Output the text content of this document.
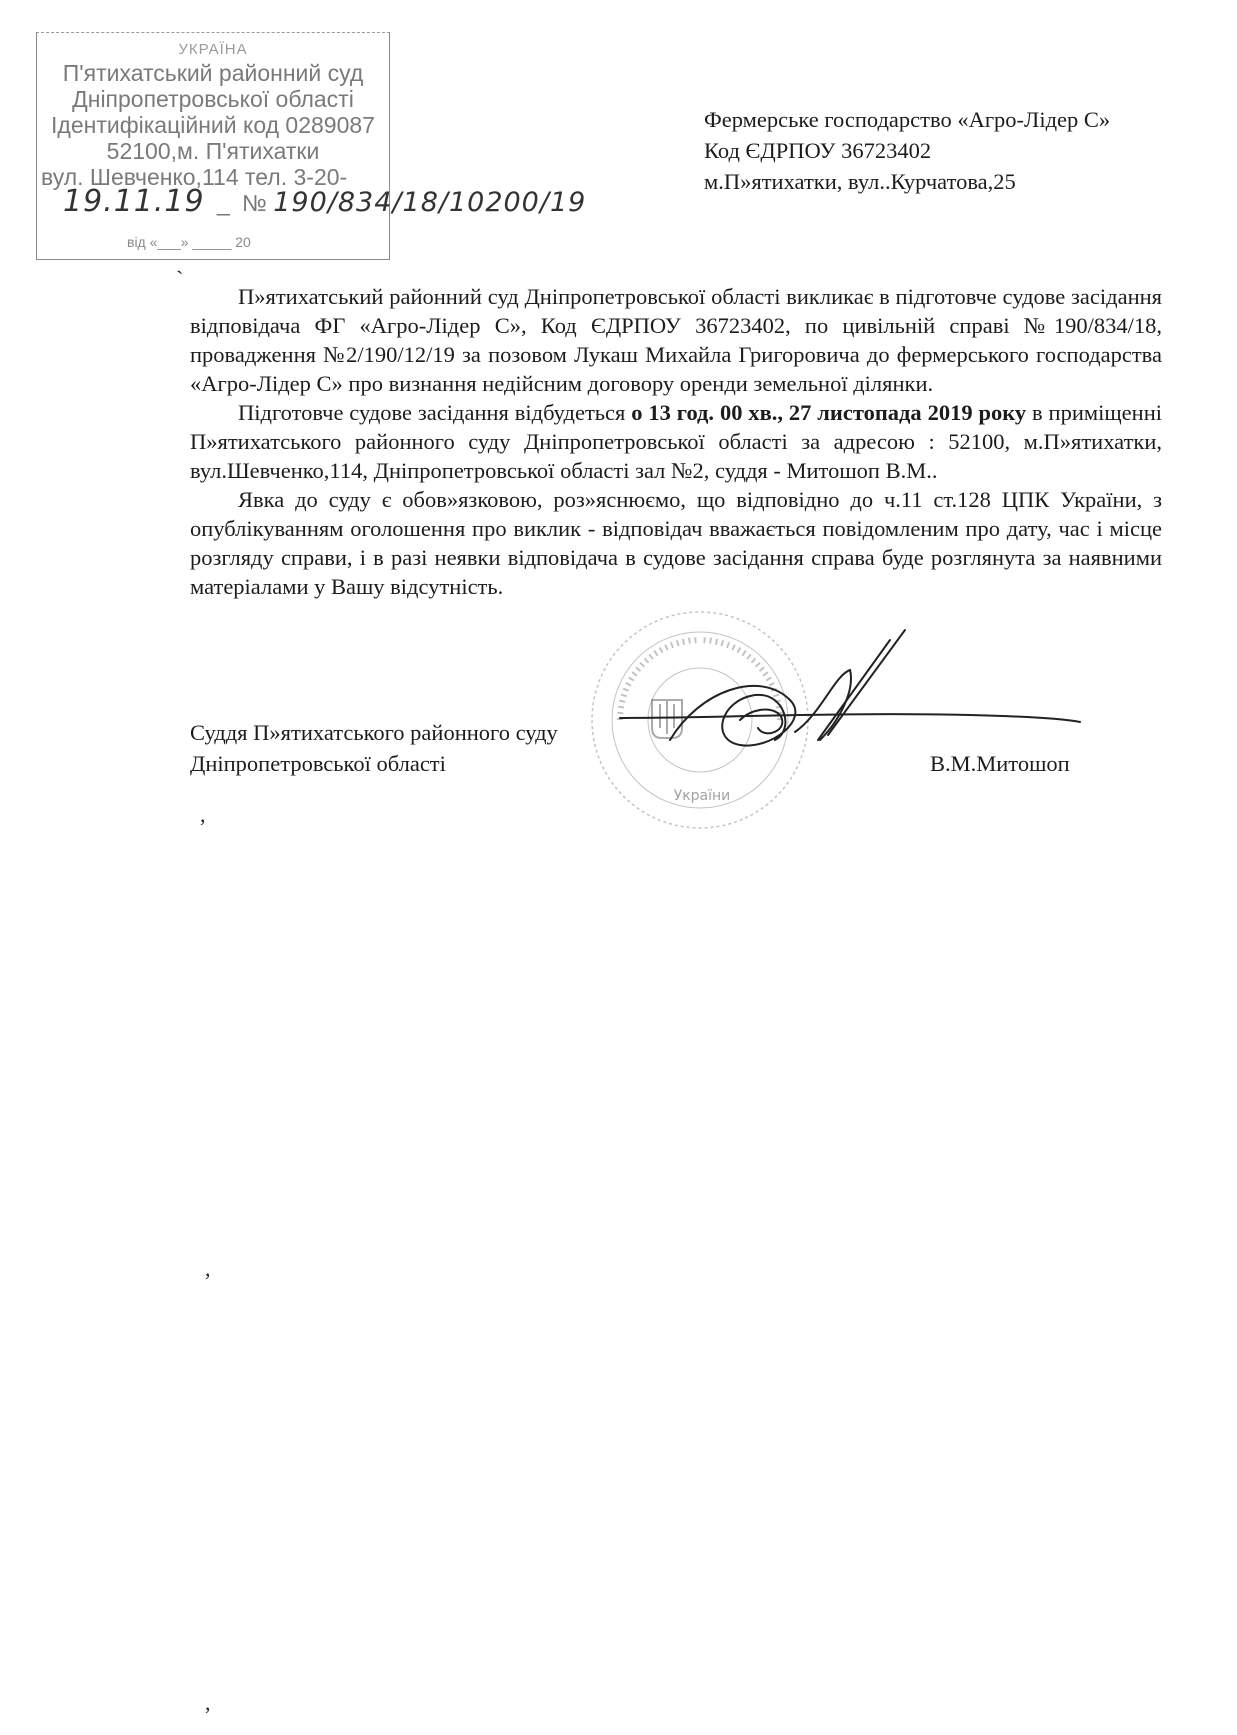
УКРАЇНА
П'ятихатський районний суд
Дніпропетровської області
Ідентифікаційний код 0289087
52100,м. П'ятихатки
вул. Шевченко,114 тел. 3-20-
19.11.19 _ № 190/834/18/10200/19
від «___» _____ 20
Фермерське господарство «Агро-Лідер С»
Код ЄДРПОУ 36723402
м.П»ятихатки, вул..Курчатова,25
`

П»ятихатський районний суд Дніпропетровської області викликає в підготовче судове засідання відповідача ФГ «Агро-Лідер С», Код ЄДРПОУ 36723402, по цивільній справі №190/834/18, провадження №2/190/12/19 за позовом Лукаш Михайла Григоровича до фермерського господарства «Агро-Лідер С» про визнання недійсним договору оренди земельної ділянки.

Підготовче судове засідання відбудеться о 13 год. 00 хв., 27 листопада 2019 року в приміщенні П»ятихатського районного суду Дніпропетровської області за адресою : 52100, м.П»ятихатки, вул.Шевченко,114, Дніпропетровської області зал №2, суддя - Митошоп В.М..

Явка до суду є обов»язковою, роз»яснюємо, що відповідно до ч.11 ст.128 ЦПК України, з опублікуванням оголошення про виклик - відповідач вважається повідомленим про дату, час і місце розгляду справи, і в разі неявки відповідача в судове засідання справа буде розглянута за наявними матеріалами у Вашу відсутність.

України
Суддя П»ятихатського районного суду
Дніпропетровської області	В.М.Митошоп
,
,
,
